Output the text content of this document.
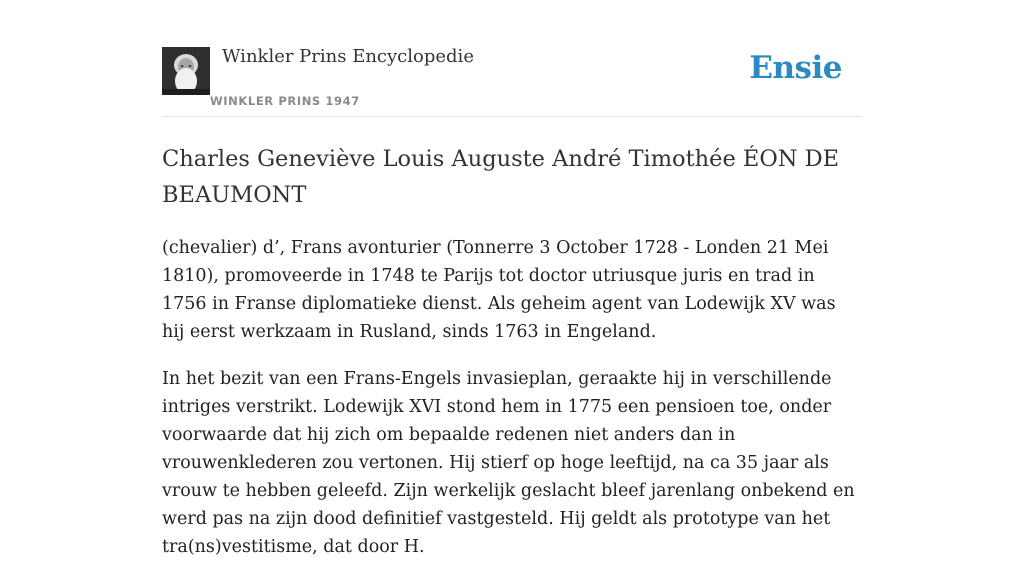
Winkler Prins Encyclopedie
WINKLER PRINS 1947
Ensie
Charles Geneviève Louis Auguste André Timothée ÉON DE BEAUMONT

(chevalier) d’, Frans avonturier (Tonnerre 3 October 1728 - Londen 21 Mei 1810), promoveerde in 1748 te Parijs tot doctor utriusque juris en trad in 1756 in Franse diplomatieke dienst. Als geheim agent van Lodewijk XV was hij eerst werkzaam in Rusland, sinds 1763 in Engeland.

In het bezit van een Frans-Engels invasieplan, geraakte hij in verschillende intriges verstrikt. Lodewijk XVI stond hem in 1775 een pensioen toe, onder voorwaarde dat hij zich om bepaalde redenen niet anders dan in vrouwenklederen zou vertonen. Hij stierf op hoge leeftijd, na ca 35 jaar als vrouw te hebben geleefd. Zijn werkelijk geslacht bleef jarenlang onbekend en werd pas na zijn dood definitief vastgesteld. Hij geldt als prototype van het tra(ns)vestitisme, dat door H.
